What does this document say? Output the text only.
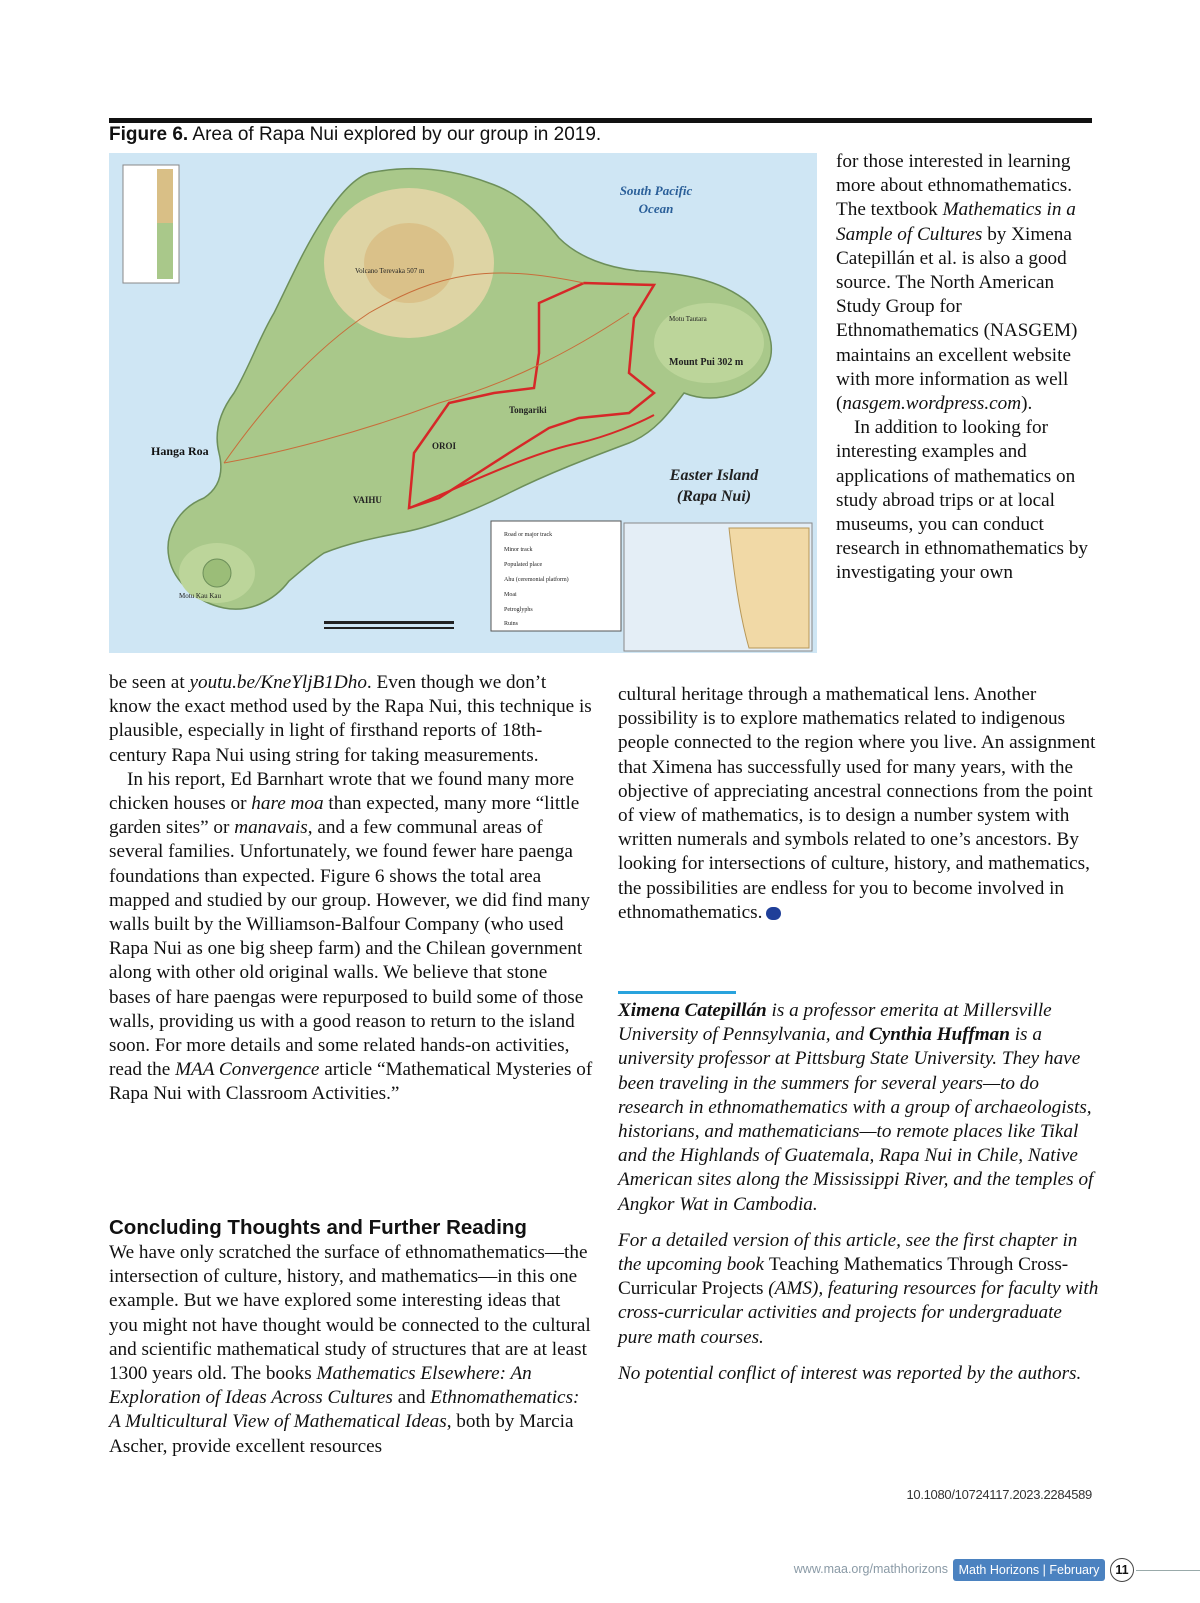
Figure 6. Area of Rapa Nui explored by our group in 2019.
South Pacific
Ocean
Easter Island
(Rapa Nui)
Hanga Roa
Mount Pui 302 m
Tongariki
OROI
VAIHU
Road or major track
Minor track
Populated place
Ahu (ceremonial platform)
Moai
Petroglyphs
Ruins
Volcano Terevaka 507 m
Motu Tautara
Motu Kau Kau

for those interested in learning more about ethnomathematics. The textbook Mathematics in a Sample of Cultures by Ximena Catepillán et al. is also a good source. The North American Study Group for Ethnomathematics (NASGEM) maintains an excellent website with more information as well (nasgem.wordpress.com).

In addition to looking for interesting examples and applications of mathematics on study abroad trips or at local museums, you can conduct research in ethnomathematics by investigating your own

cultural heritage through a mathematical lens. Another possibility is to explore mathematics related to indigenous people connected to the region where you live. An assignment that Ximena has successfully used for many years, with the objective of appreciating ancestral connections from the point of view of mathematics, is to design a number system with written numerals and symbols related to one’s ancestors. By looking for intersections of culture, history, and mathematics, the possibilities are endless for you to become involved in ethnomathematics.

be seen at youtu.be/KneYljB1Dho. Even though we don’t know the exact method used by the Rapa Nui, this technique is plausible, especially in light of firsthand reports of 18th-century Rapa Nui using string for taking measurements.

In his report, Ed Barnhart wrote that we found many more chicken houses or hare moa than expected, many more “little garden sites” or manavais, and a few communal areas of several families. Unfortunately, we found fewer hare paenga foundations than expected. Figure 6 shows the total area mapped and studied by our group. However, we did find many walls built by the Williamson-Balfour Company (who used Rapa Nui as one big sheep farm) and the Chilean government along with other old original walls. We believe that stone bases of hare paengas were repurposed to build some of those walls, providing us with a good reason to return to the island soon. For more details and some related hands-on activities, read the MAA Convergence article “Mathematical Mysteries of Rapa Nui with Classroom Activities.”

Concluding Thoughts and Further Reading

We have only scratched the surface of ethnomathematics—the intersection of culture, history, and mathematics—in this one example. But we have explored some interesting ideas that you might not have thought would be connected to the cultural and scientific mathematical study of structures that are at least 1300 years old. The books Mathematics Elsewhere: An Exploration of Ideas Across Cultures and Ethnomathematics: A Multicultural View of Mathematical Ideas, both by Marcia Ascher, provide excellent resources

Ximena Catepillán is a professor emerita at Millersville University of Pennsylvania, and Cynthia Huffman is a university professor at Pittsburg State University. They have been traveling in the summers for several years—to do research in ethnomathematics with a group of archaeologists, historians, and mathematicians—to remote places like Tikal and the Highlands of Guatemala, Rapa Nui in Chile, Native American sites along the Mississippi River, and the temples of Angkor Wat in Cambodia.

For a detailed version of this article, see the first chapter in the upcoming book Teaching Mathematics Through Cross-Curricular Projects (AMS), featuring resources for faculty with cross-curricular activities and projects for undergraduate pure math courses.

No potential conflict of interest was reported by the authors.

10.1080/10724117.2023.2284589
www.maa.org/mathhorizons Math Horizons | February 2024
11
